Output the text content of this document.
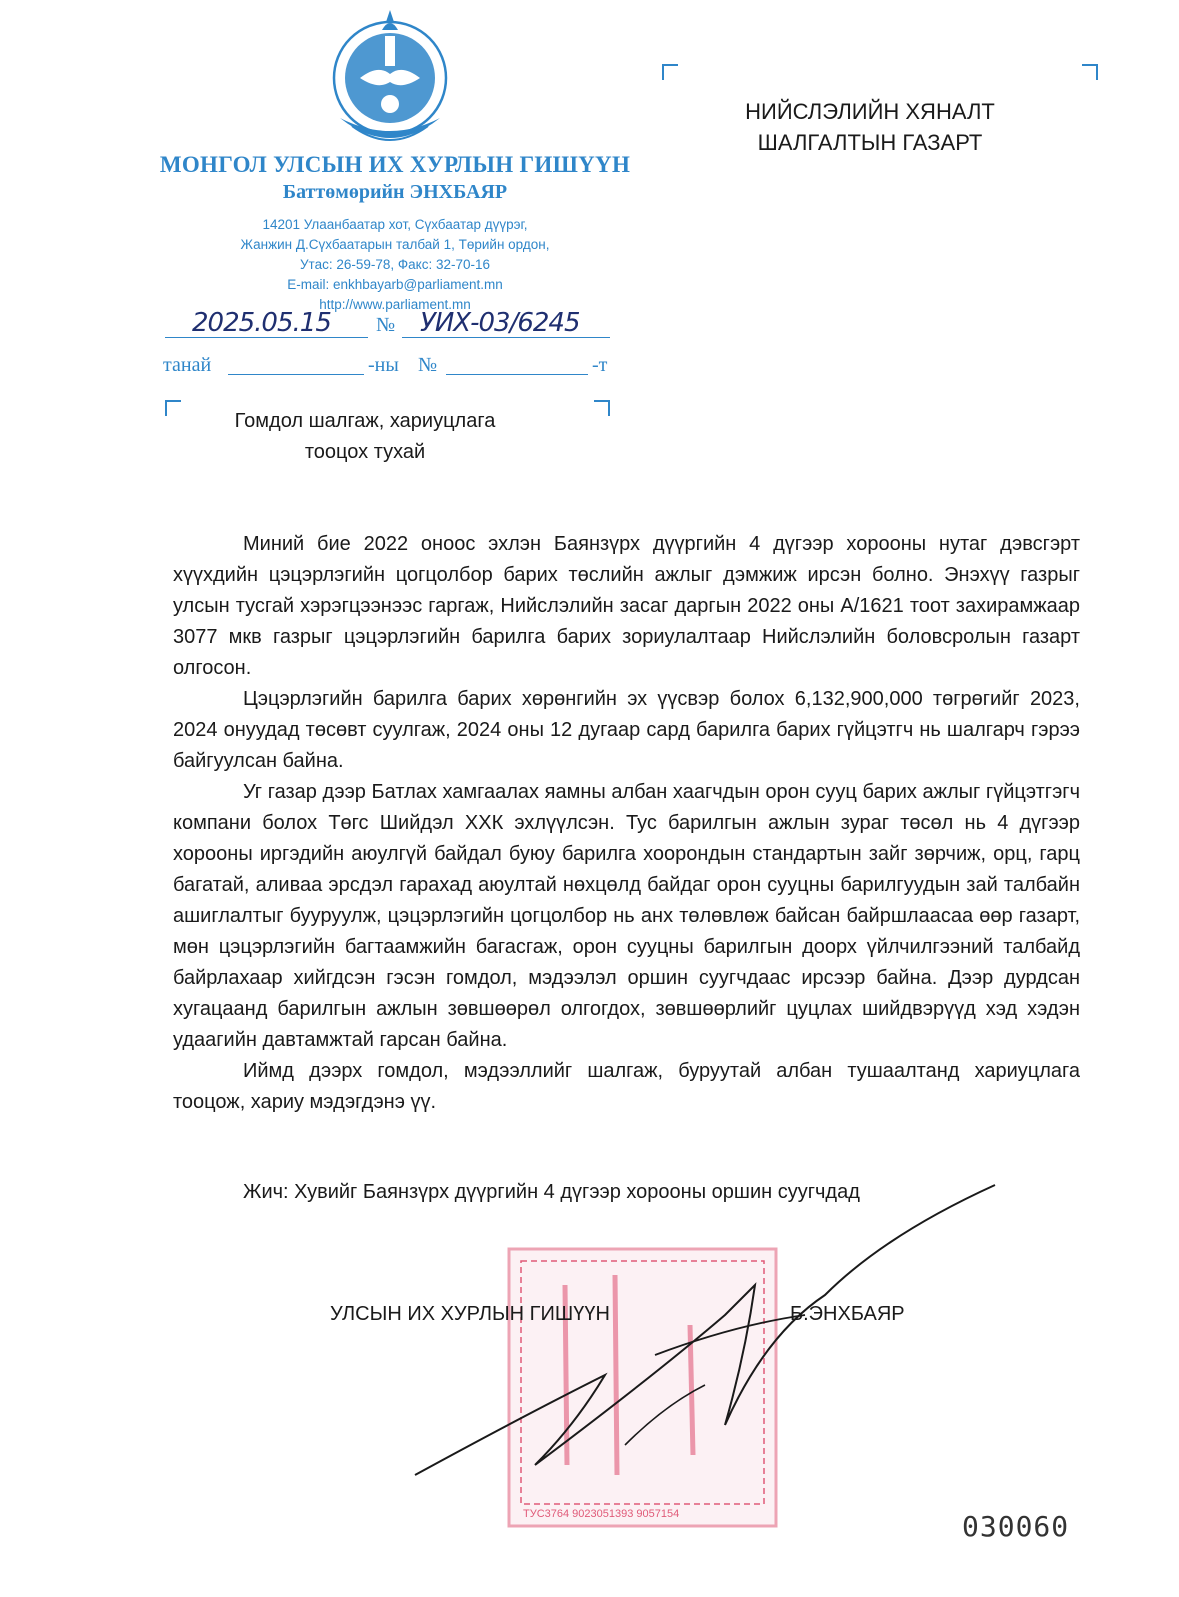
МОНГОЛ УЛСЫН ИХ ХУРЛЫН ГИШҮҮН
Баттөмөрийн ЭНХБАЯР
14201 Улаанбаатар хот, Сүхбаатар дүүрэг,
Жанжин Д.Сүхбаатарын талбай 1, Төрийн ордон,
Утас: 26-59-78, Факс: 32-70-16
E-mail: enkhbayarb@parliament.mn
http://www.parliament.mn
2025.05.15 № УИХ-03/6245
танай	-ны №	-т
НИЙСЛЭЛИЙН ХЯНАЛТ
ШАЛГАЛТЫН ГАЗАРТ
Гомдол шалгаж, хариуцлага
тооцох тухай

Миний бие 2022 оноос эхлэн Баянзүрх дүүргийн 4 дүгээр хорооны нутаг дэвсгэрт хүүхдийн цэцэрлэгийн цогцолбор барих төслийн ажлыг дэмжиж ирсэн болно. Энэхүү газрыг улсын тусгай хэрэгцээнээс гаргаж, Нийслэлийн засаг даргын 2022 оны А/1621 тоот захирамжаар 3077 мкв газрыг цэцэрлэгийн барилга барих зориулалтаар Нийслэлийн боловсролын газарт олгосон.

Цэцэрлэгийн барилга барих хөрөнгийн эх үүсвэр болох 6,132,900,000 төгрөгийг 2023, 2024 онуудад төсөвт суулгаж, 2024 оны 12 дугаар сард барилга барих гүйцэтгч нь шалгарч гэрээ байгуулсан байна.

Уг газар дээр Батлах хамгаалах яамны албан хаагчдын орон сууц барих ажлыг гүйцэтгэгч компани болох Төгс Шийдэл ХХК эхлүүлсэн. Тус барилгын ажлын зураг төсөл нь 4 дүгээр хорооны иргэдийн аюулгүй байдал буюу барилга хоорондын стандартын зайг зөрчиж, орц, гарц багатай, аливаа эрсдэл гарахад аюултай нөхцөлд байдаг орон сууцны барилгуудын зай талбайн ашиглалтыг бууруулж, цэцэрлэгийн цогцолбор нь анх төлөвлөж байсан байршлаасаа өөр газарт, мөн цэцэрлэгийн багтаамжийн багасгаж, орон сууцны барилгын доорх үйлчилгээний талбайд байрлахаар хийгдсэн гэсэн гомдол, мэдээлэл оршин суугчдаас ирсээр байна. Дээр дурдсан хугацаанд барилгын ажлын зөвшөөрөл олгогдох, зөвшөөрлийг цуцлах шийдвэрүүд хэд хэдэн удаагийн давтамжтай гарсан байна.

Иймд дээрх гомдол, мэдээллийг шалгаж, буруутай албан тушаалтанд хариуцлага тооцож, хариу мэдэгдэнэ үү.

Жич: Хувийг Баянзүрх дүүргийн 4 дүгээр хорооны оршин суугчдад
ТУС3764 9023051393 9057154
УЛСЫН ИХ ХУРЛЫН ГИШҮҮН	Б.ЭНХБАЯР
030060
